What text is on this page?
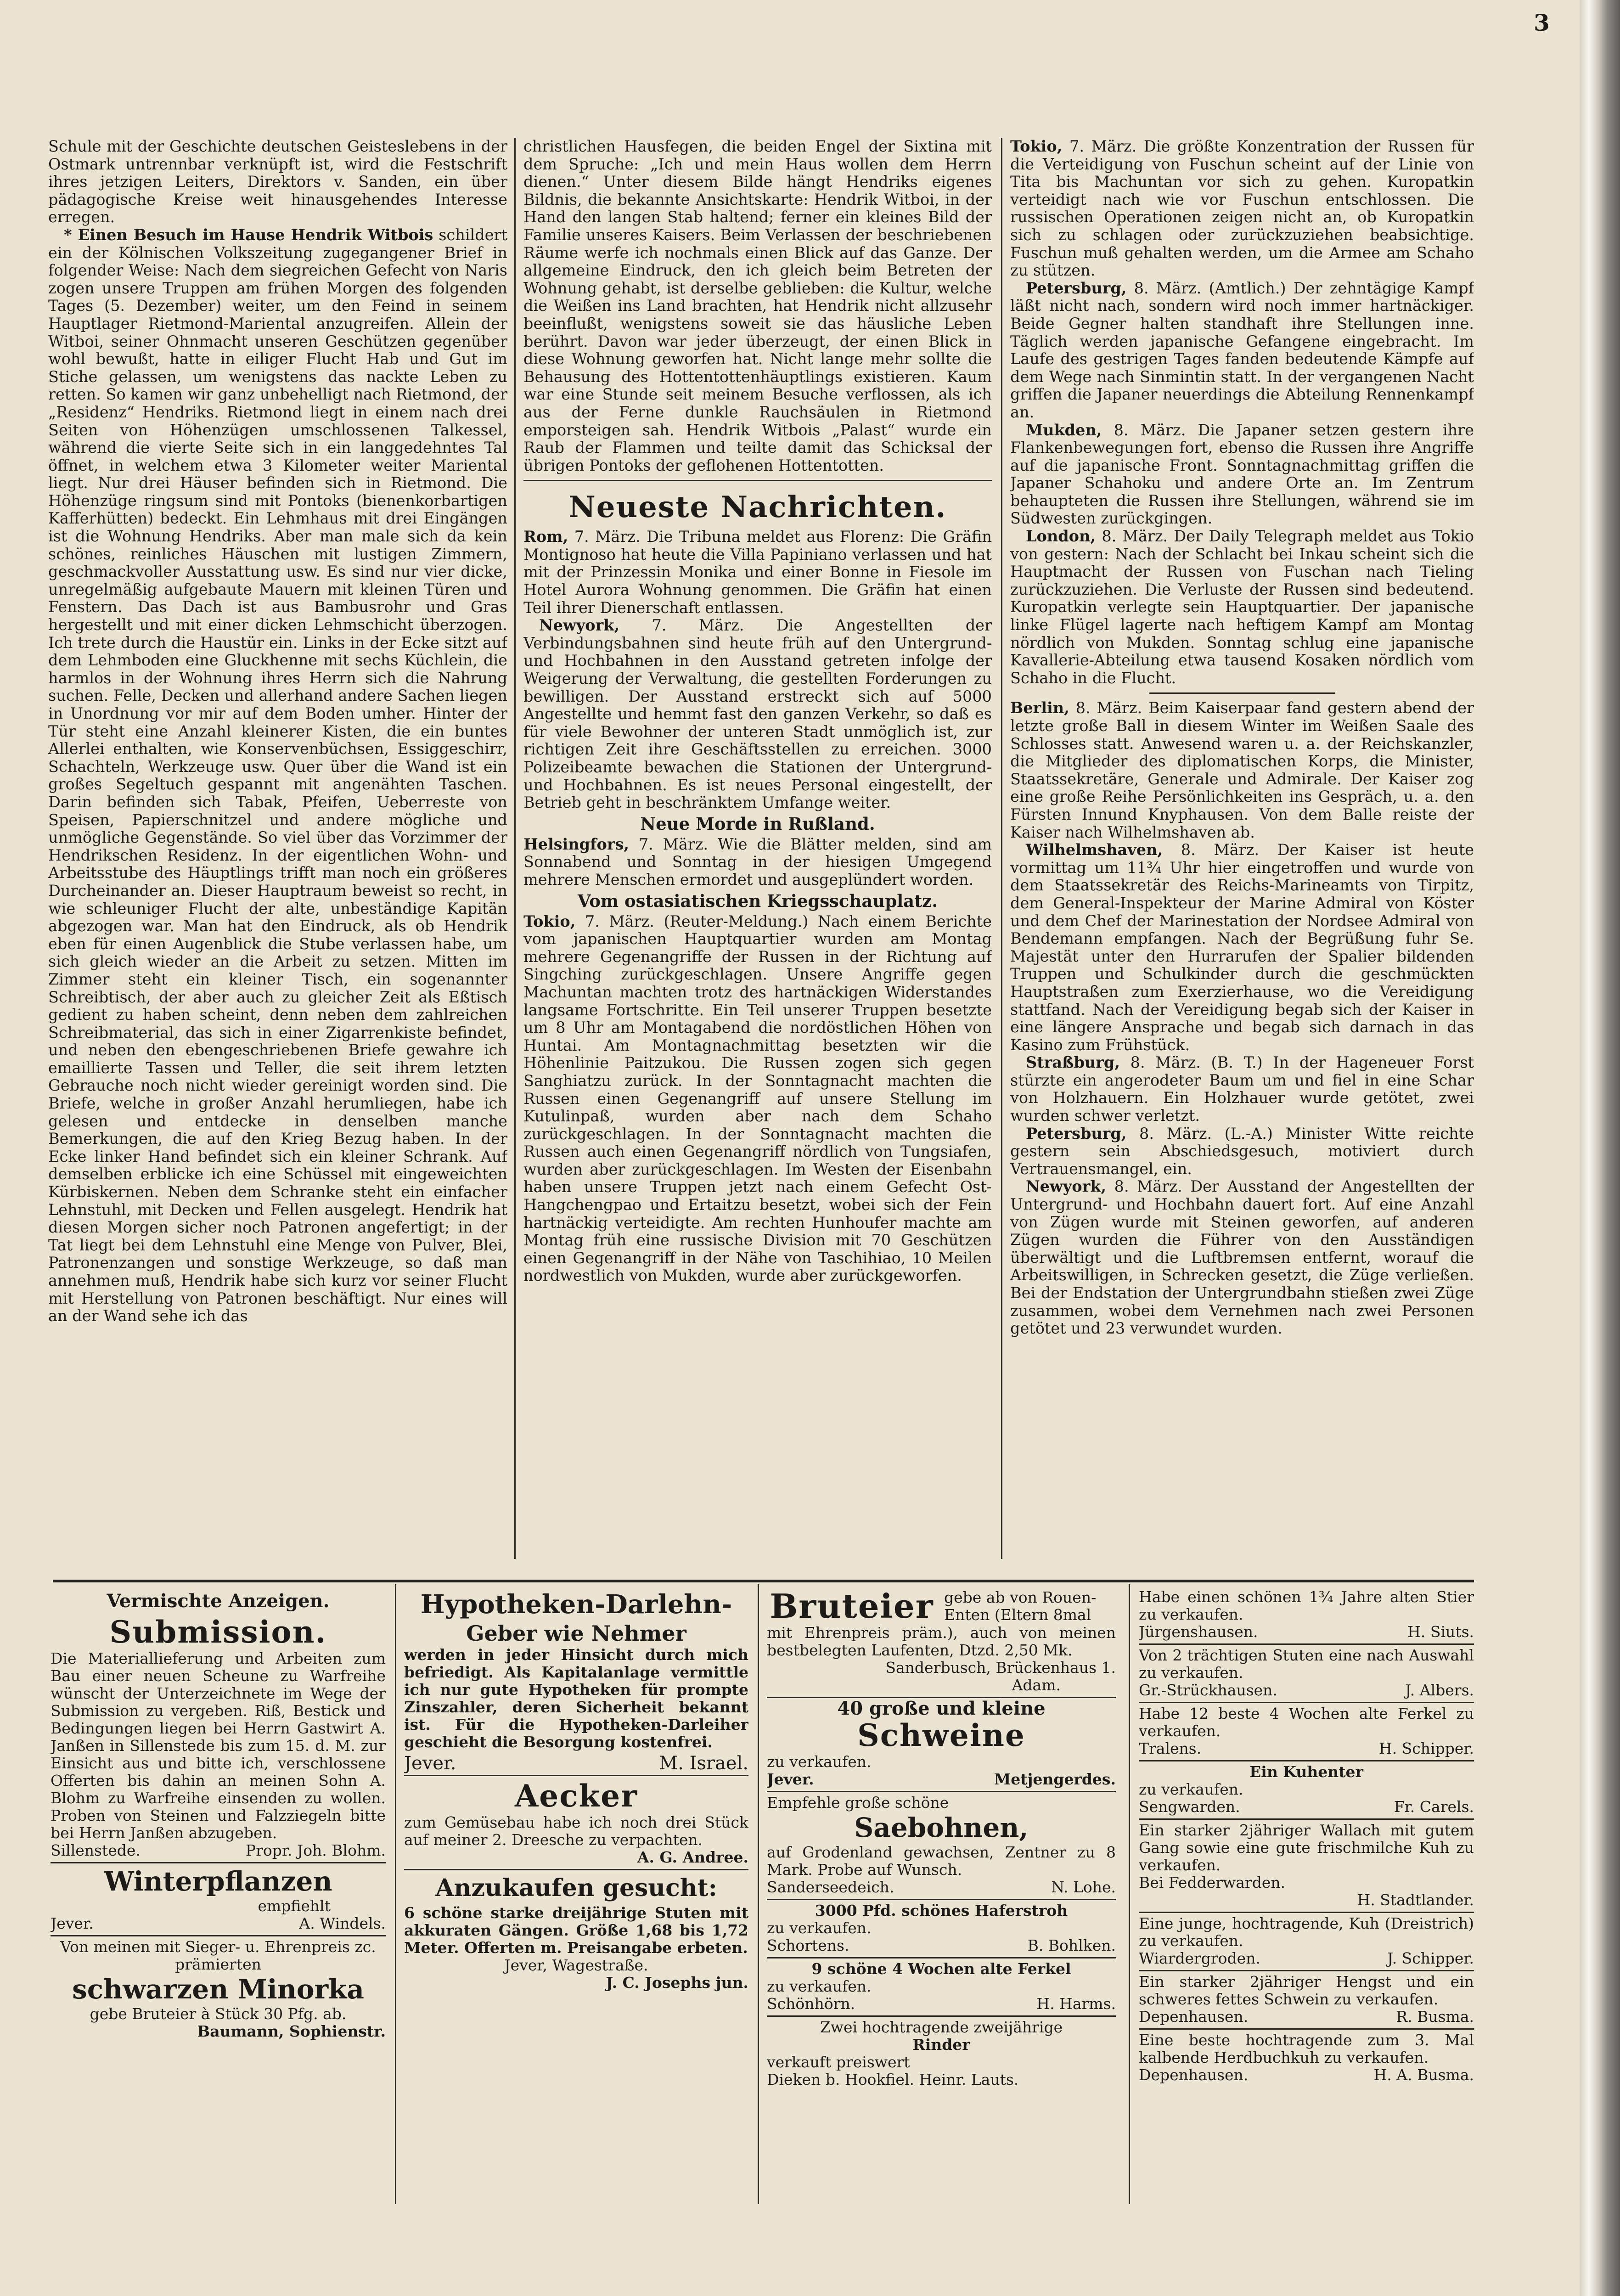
3

Schule mit der Geschichte deutschen Geisteslebens in der Ostmark untrennbar verknüpft ist, wird die Festschrift ihres jetzigen Leiters, Direktors v. Sanden, ein über pädagogische Kreise weit hinausgehendes Interesse erregen.

* Einen Besuch im Hause Hendrik Witbois schildert ein der Kölnischen Volkszeitung zugegangener Brief in folgender Weise: Nach dem siegreichen Gefecht von Naris zogen unsere Truppen am frühen Morgen des folgenden Tages (5. Dezember) weiter, um den Feind in seinem Hauptlager Rietmond-Mariental anzugreifen. Allein der Witboi, seiner Ohnmacht unseren Geschützen gegenüber wohl bewußt, hatte in eiliger Flucht Hab und Gut im Stiche gelassen, um wenigstens das nackte Leben zu retten. So kamen wir ganz unbehelligt nach Rietmond, der „Residenz“ Hendriks. Rietmond liegt in einem nach drei Seiten von Höhenzügen umschlossenen Talkessel, während die vierte Seite sich in ein langgedehntes Tal öffnet, in welchem etwa 3 Kilometer weiter Mariental liegt. Nur drei Häuser befinden sich in Rietmond. Die Höhenzüge ringsum sind mit Pontoks (bienenkorbartigen Kafferhütten) bedeckt. Ein Lehmhaus mit drei Eingängen ist die Wohnung Hendriks. Aber man male sich da kein schönes, reinliches Häuschen mit lustigen Zimmern, geschmackvoller Ausstattung usw. Es sind nur vier dicke, unregelmäßig aufgebaute Mauern mit kleinen Türen und Fenstern. Das Dach ist aus Bambusrohr und Gras hergestellt und mit einer dicken Lehmschicht überzogen. Ich trete durch die Haustür ein. Links in der Ecke sitzt auf dem Lehmboden eine Gluckhenne mit sechs Küchlein, die harmlos in der Wohnung ihres Herrn sich die Nahrung suchen. Felle, Decken und allerhand andere Sachen liegen in Unordnung vor mir auf dem Boden umher. Hinter der Tür steht eine Anzahl kleinerer Kisten, die ein buntes Allerlei enthalten, wie Konservenbüchsen, Essiggeschirr, Schachteln, Werkzeuge usw. Quer über die Wand ist ein großes Segeltuch gespannt mit angenähten Taschen. Darin befinden sich Tabak, Pfeifen, Ueberreste von Speisen, Papierschnitzel und andere mögliche und unmögliche Gegenstände. So viel über das Vorzimmer der Hendrikschen Residenz. In der eigentlichen Wohn- und Arbeitsstube des Häuptlings trifft man noch ein größeres Durcheinander an. Dieser Hauptraum beweist so recht, in wie schleuniger Flucht der alte, unbeständige Kapitän abgezogen war. Man hat den Eindruck, als ob Hendrik eben für einen Augenblick die Stube verlassen habe, um sich gleich wieder an die Arbeit zu setzen. Mitten im Zimmer steht ein kleiner Tisch, ein sogenannter Schreibtisch, der aber auch zu gleicher Zeit als Eßtisch gedient zu haben scheint, denn neben dem zahlreichen Schreibmaterial, das sich in einer Zigarrenkiste befindet, und neben den ebengeschriebenen Briefe gewahre ich emaillierte Tassen und Teller, die seit ihrem letzten Gebrauche noch nicht wieder gereinigt worden sind. Die Briefe, welche in großer Anzahl herumliegen, habe ich gelesen und entdecke in denselben manche Bemerkungen, die auf den Krieg Bezug haben. In der Ecke linker Hand befindet sich ein kleiner Schrank. Auf demselben erblicke ich eine Schüssel mit eingeweichten Kürbiskernen. Neben dem Schranke steht ein einfacher Lehnstuhl, mit Decken und Fellen ausgelegt. Hendrik hat diesen Morgen sicher noch Patronen angefertigt; in der Tat liegt bei dem Lehnstuhl eine Menge von Pulver, Blei, Patronenzangen und sonstige Werkzeuge, so daß man annehmen muß, Hendrik habe sich kurz vor seiner Flucht mit Herstellung von Patronen beschäftigt. Nur eines will an der Wand sehe ich das

christlichen Hausfegen, die beiden Engel der Sixtina mit dem Spruche: „Ich und mein Haus wollen dem Herrn dienen.“ Unter diesem Bilde hängt Hendriks eigenes Bildnis, die bekannte Ansichtskarte: Hendrik Witboi, in der Hand den langen Stab haltend; ferner ein kleines Bild der Familie unseres Kaisers. Beim Verlassen der beschriebenen Räume werfe ich nochmals einen Blick auf das Ganze. Der allgemeine Eindruck, den ich gleich beim Betreten der Wohnung gehabt, ist derselbe geblieben: die Kultur, welche die Weißen ins Land brachten, hat Hendrik nicht allzusehr beeinflußt, wenigstens soweit sie das häusliche Leben berührt. Davon war jeder überzeugt, der einen Blick in diese Wohnung geworfen hat. Nicht lange mehr sollte die Behausung des Hottentottenhäuptlings existieren. Kaum war eine Stunde seit meinem Besuche verflossen, als ich aus der Ferne dunkle Rauchsäulen in Rietmond emporsteigen sah. Hendrik Witbois „Palast“ wurde ein Raub der Flammen und teilte damit das Schicksal der übrigen Pontoks der geflohenen Hottentotten.

Neueste Nachrichten.

Rom, 7. März. Die Tribuna meldet aus Florenz: Die Gräfin Montignoso hat heute die Villa Papiniano verlassen und hat mit der Prinzessin Monika und einer Bonne in Fiesole im Hotel Aurora Wohnung genommen. Die Gräfin hat einen Teil ihrer Dienerschaft entlassen.

Newyork, 7. März. Die Angestellten der Verbindungsbahnen sind heute früh auf den Untergrund- und Hochbahnen in den Ausstand getreten infolge der Weigerung der Verwaltung, die gestellten Forderungen zu bewilligen. Der Ausstand erstreckt sich auf 5000 Angestellte und hemmt fast den ganzen Verkehr, so daß es für viele Bewohner der unteren Stadt unmöglich ist, zur richtigen Zeit ihre Geschäftsstellen zu erreichen. 3000 Polizeibeamte bewachen die Stationen der Untergrund- und Hochbahnen. Es ist neues Personal eingestellt, der Betrieb geht in beschränktem Umfange weiter.

Neue Morde in Rußland.

Helsingfors, 7. März. Wie die Blätter melden, sind am Sonnabend und Sonntag in der hiesigen Umgegend mehrere Menschen ermordet und ausgeplündert worden.

Vom ostasiatischen Kriegsschauplatz.

Tokio, 7. März. (Reuter-Meldung.) Nach einem Berichte vom japanischen Hauptquartier wurden am Montag mehrere Gegenangriffe der Russen in der Richtung auf Singching zurückgeschlagen. Unsere Angriffe gegen Machuntan machten trotz des hartnäckigen Widerstandes langsame Fortschritte. Ein Teil unserer Truppen besetzte um 8 Uhr am Montagabend die nordöstlichen Höhen von Huntai. Am Montagnachmittag besetzten wir die Höhenlinie Paitzukou. Die Russen zogen sich gegen Sanghiatzu zurück. In der Sonntagnacht machten die Russen einen Gegenangriff auf unsere Stellung im Kutulinpaß, wurden aber nach dem Schaho zurückgeschlagen. In der Sonntagnacht machten die Russen auch einen Gegenangriff nördlich von Tungsiafen, wurden aber zurückgeschlagen. Im Westen der Eisenbahn haben unsere Truppen jetzt nach einem Gefecht Ost-Hangchengpao und Ertaitzu besetzt, wobei sich der Fein hartnäckig verteidigte. Am rechten Hunhoufer machte am Montag früh eine russische Division mit 70 Geschützen einen Gegenangriff in der Nähe von Taschihiao, 10 Meilen nordwestlich von Mukden, wurde aber zurückgeworfen.

Tokio, 7. März. Die größte Konzentration der Russen für die Verteidigung von Fuschun scheint auf der Linie von Tita bis Machuntan vor sich zu gehen. Kuropatkin verteidigt nach wie vor Fuschun entschlossen. Die russischen Operationen zeigen nicht an, ob Kuropatkin sich zu schlagen oder zurückzuziehen beabsichtige. Fuschun muß gehalten werden, um die Armee am Schaho zu stützen.

Petersburg, 8. März. (Amtlich.) Der zehntägige Kampf läßt nicht nach, sondern wird noch immer hartnäckiger. Beide Gegner halten standhaft ihre Stellungen inne. Täglich werden japanische Gefangene eingebracht. Im Laufe des gestrigen Tages fanden bedeutende Kämpfe auf dem Wege nach Sinmintin statt. In der vergangenen Nacht griffen die Japaner neuerdings die Abteilung Rennenkampf an.

Mukden, 8. März. Die Japaner setzen gestern ihre Flankenbewegungen fort, ebenso die Russen ihre Angriffe auf die japanische Front. Sonntagnachmittag griffen die Japaner Schahoku und andere Orte an. Im Zentrum behaupteten die Russen ihre Stellungen, während sie im Südwesten zurückgingen.

London, 8. März. Der Daily Telegraph meldet aus Tokio von gestern: Nach der Schlacht bei Inkau scheint sich die Hauptmacht der Russen von Fuschan nach Tieling zurückzuziehen. Die Verluste der Russen sind bedeutend. Kuropatkin verlegte sein Hauptquartier. Der japanische linke Flügel lagerte nach heftigem Kampf am Montag nördlich von Mukden. Sonntag schlug eine japanische Kavallerie-Abteilung etwa tausend Kosaken nördlich vom Schaho in die Flucht.

Berlin, 8. März. Beim Kaiserpaar fand gestern abend der letzte große Ball in diesem Winter im Weißen Saale des Schlosses statt. Anwesend waren u. a. der Reichskanzler, die Mitglieder des diplomatischen Korps, die Minister, Staatssekretäre, Generale und Admirale. Der Kaiser zog eine große Reihe Persönlichkeiten ins Gespräch, u. a. den Fürsten Innund Knyphausen. Von dem Balle reiste der Kaiser nach Wilhelmshaven ab.

Wilhelmshaven, 8. März. Der Kaiser ist heute vormittag um 11¾ Uhr hier eingetroffen und wurde von dem Staatssekretär des Reichs-Marineamts von Tirpitz, dem General-Inspekteur der Marine Admiral von Köster und dem Chef der Marinestation der Nordsee Admiral von Bendemann empfangen. Nach der Begrüßung fuhr Se. Majestät unter den Hurrarufen der Spalier bildenden Truppen und Schulkinder durch die geschmückten Hauptstraßen zum Exerzierhause, wo die Vereidigung stattfand. Nach der Vereidigung begab sich der Kaiser in eine längere Ansprache und begab sich darnach in das Kasino zum Frühstück.

Straßburg, 8. März. (B. T.) In der Hageneuer Forst stürzte ein angerodeter Baum um und fiel in eine Schar von Holzhauern. Ein Holzhauer wurde getötet, zwei wurden schwer verletzt.

Petersburg, 8. März. (L.-A.) Minister Witte reichte gestern sein Abschiedsgesuch, motiviert durch Vertrauensmangel, ein.

Newyork, 8. März. Der Ausstand der Angestellten der Untergrund- und Hochbahn dauert fort. Auf eine Anzahl von Zügen wurde mit Steinen geworfen, auf anderen Zügen wurden die Führer von den Ausständigen überwältigt und die Luftbremsen entfernt, worauf die Arbeitswilligen, in Schrecken gesetzt, die Züge verließen. Bei der Endstation der Untergrundbahn stießen zwei Züge zusammen, wobei dem Vernehmen nach zwei Personen getötet und 23 verwundet wurden.

Vermischte Anzeigen.
Submission.
Die Materiallieferung und Arbeiten zum Bau einer neuen Scheune zu Warfreihe wünscht der Unterzeichnete im Wege der Submission zu vergeben. Riß, Bestick und Bedingungen liegen bei Herrn Gastwirt A. Janßen in Sillenstede bis zum 15. d. M. zur Einsicht aus und bitte ich, verschlossene Offerten bis dahin an meinen Sohn A. Blohm zu Warfreihe einsenden zu wollen. Proben von Steinen und Falzziegeln bitte bei Herrn Janßen abzugeben.
Sillenstede.	Propr. Joh. Blohm.
Winterpflanzen
empfiehlt
Jever.	A. Windels.
Von meinen mit Sieger- u. Ehrenpreis zc. prämierten
schwarzen Minorka
gebe Bruteier à Stück 30 Pfg. ab.
Baumann, Sophienstr.
Hypotheken-Darlehn-
Geber wie Nehmer
werden in jeder Hinsicht durch mich befriedigt. Als Kapitalanlage vermittle ich nur gute Hypotheken für prompte Zinszahler, deren Sicherheit bekannt ist. Für die Hypotheken-Darleiher geschieht die Besorgung kostenfrei.
Jever.	M. Israel.
Aecker
zum Gemüsebau habe ich noch drei Stück auf meiner 2. Dreesche zu verpachten.
A. G. Andree.
Anzukaufen gesucht:
6 schöne starke dreijährige Stuten mit akkuraten Gängen. Größe 1,68 bis 1,72 Meter. Offerten m. Preisangabe erbeten.
Jever, Wagestraße.
J. C. Josephs jun.
Bruteier gebe ab von Rouen-Enten (Eltern 8mal
mit Ehrenpreis präm.), auch von meinen bestbelegten Laufenten, Dtzd. 2,50 Mk.
Sanderbusch, Brückenhaus 1.
Adam.
40 große und kleine
Schweine
zu verkaufen.
Jever.	Metjengerdes.
Empfehle große schöne
Saebohnen,
auf Grodenland gewachsen, Zentner zu 8 Mark. Probe auf Wunsch.
Sanderseedeich.	N. Lohe.
3000 Pfd. schönes Haferstroh
zu verkaufen.
Schortens.	B. Bohlken.
9 schöne 4 Wochen alte Ferkel
zu verkaufen.
Schönhörn.	H. Harms.
Zwei hochtragende zweijährige
Rinder
verkauft preiswert
Dieken b. Hookfiel. Heinr. Lauts.
Habe einen schönen 1¾ Jahre alten Stier zu verkaufen.
Jürgenshausen.	H. Siuts.
Von 2 trächtigen Stuten eine nach Auswahl zu verkaufen.
Gr.-Strückhausen.	J. Albers.
Habe 12 beste 4 Wochen alte Ferkel zu verkaufen.
Tralens.	H. Schipper.
Ein Kuhenter
zu verkaufen.
Sengwarden.	Fr. Carels.
Ein starker 2jähriger Wallach mit gutem Gang sowie eine gute frischmilche Kuh zu verkaufen.
Bei Fedderwarden.
H. Stadtlander.
Eine junge, hochtragende, Kuh (Dreistrich) zu verkaufen.
Wiardergroden.	J. Schipper.
Ein starker 2jähriger Hengst und ein schweres fettes Schwein zu verkaufen.
Depenhausen.	R. Busma.
Eine beste hochtragende zum 3. Mal kalbende Herdbuchkuh zu verkaufen.
Depenhausen.	H. A. Busma.
